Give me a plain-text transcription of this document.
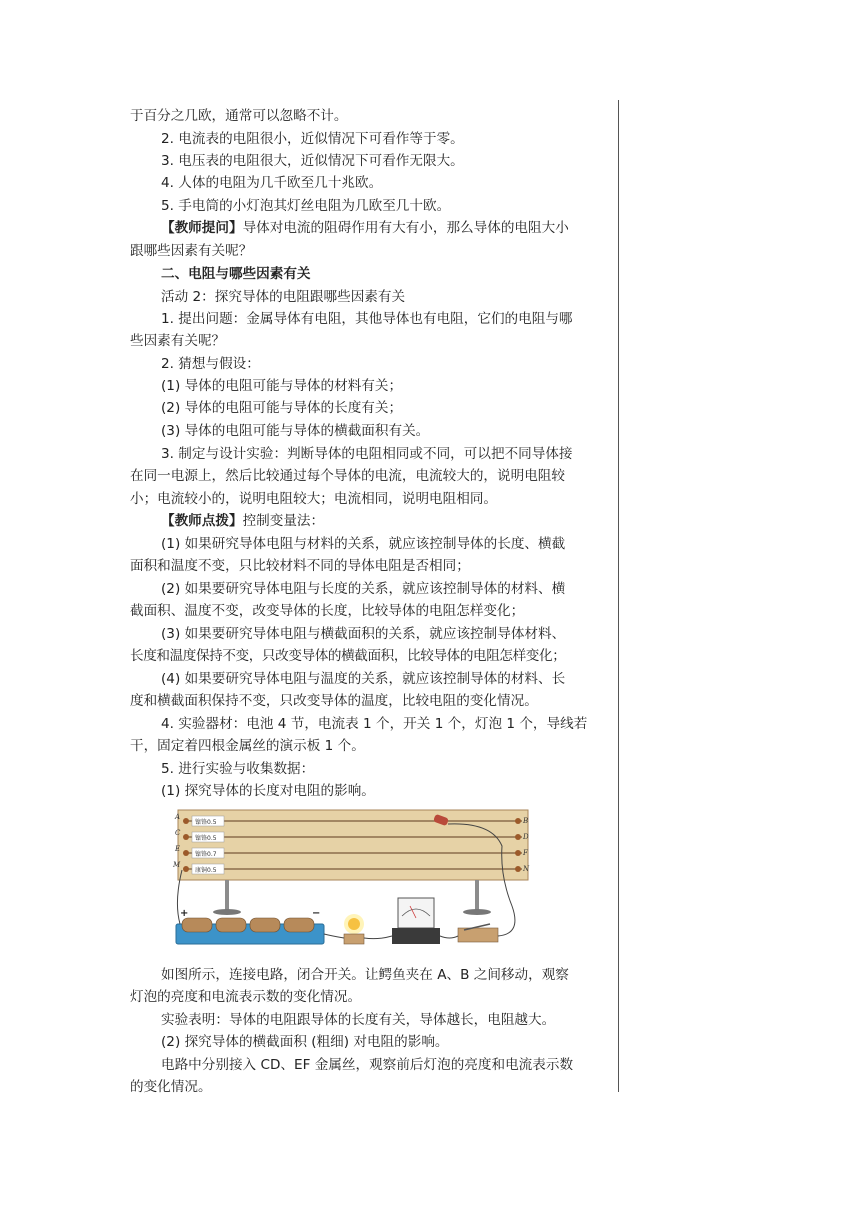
于百分之几欧，通常可以忽略不计。
2. 电流表的电阻很小，近似情况下可看作等于零。
3. 电压表的电阻很大，近似情况下可看作无限大。
4. 人体的电阻为几千欧至几十兆欧。
5. 手电筒的小灯泡其灯丝电阻为几欧至几十欧。
【教师提问】导体对电流的阻碍作用有大有小，那么导体的电阻大小
跟哪些因素有关呢？
二、电阻与哪些因素有关
活动 2：探究导体的电阻跟哪些因素有关
1. 提出问题：金属导体有电阻，其他导体也有电阻，它们的电阻与哪
些因素有关呢？
2. 猜想与假设：
(1) 导体的电阻可能与导体的材料有关；
(2) 导体的电阻可能与导体的长度有关；
(3) 导体的电阻可能与导体的横截面积有关。
3. 制定与设计实验：判断导体的电阻相同或不同，可以把不同导体接
在同一电源上，然后比较通过每个导体的电流，电流较大的，说明电阻较
小；电流较小的，说明电阻较大；电流相同，说明电阻相同。
【教师点拨】控制变量法：
(1) 如果研究导体电阻与材料的关系，就应该控制导体的长度、横截
面积和温度不变，只比较材料不同的导体电阻是否相同；
(2) 如果要研究导体电阻与长度的关系，就应该控制导体的材料、横
截面积、温度不变，改变导体的长度，比较导体的电阻怎样变化；
(3) 如果要研究导体电阻与横截面积的关系，就应该控制导体材料、
长度和温度保持不变，只改变导体的横截面积，比较导体的电阻怎样变化；
(4) 如果要研究导体电阻与温度的关系，就应该控制导体的材料、长
度和横截面积保持不变，只改变导体的温度，比较电阻的变化情况。
4. 实验器材：电池 4 节，电流表 1 个，开关 1 个，灯泡 1 个，导线若
干，固定着四根金属丝的演示板 1 个。
5. 进行实验与收集数据：
(1) 探究导体的长度对电阻的影响。
A
C
E
M
B
D
F
N
镍铬0.5
镍铬0.5
镍铬0.7
康铜0.5
+	−
如图所示，连接电路，闭合开关。让鳄鱼夹在 A、B 之间移动，观察
灯泡的亮度和电流表示数的变化情况。
实验表明：导体的电阻跟导体的长度有关，导体越长，电阻越大。
(2) 探究导体的横截面积 (粗细) 对电阻的影响。
电路中分别接入 CD、EF 金属丝，观察前后灯泡的亮度和电流表示数
的变化情况。
